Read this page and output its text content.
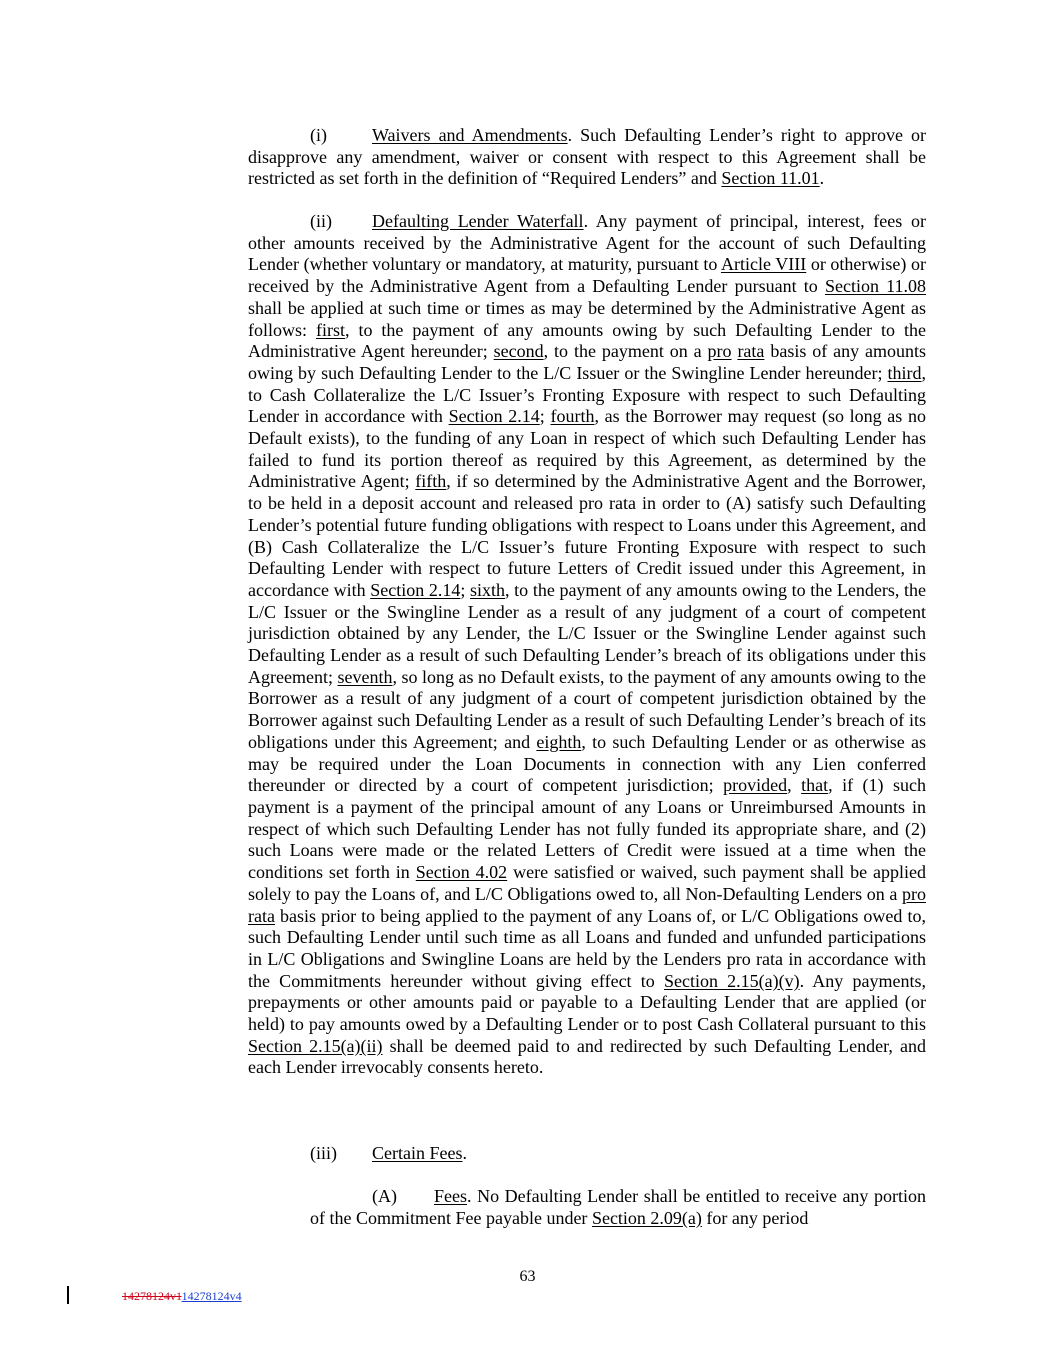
(i)	Waivers and Amendments. Such Defaulting Lender’s right to approve or disapprove any amendment, waiver or consent with respect to this Agreement shall be restricted as set forth in the definition of “Required Lenders” and Section 11.01.

(ii) Defaulting Lender Waterfall. Any payment of principal, interest, fees or other amounts received by the Administrative Agent for the account of such Defaulting Lender (whether voluntary or mandatory, at maturity, pursuant to Article VIII or otherwise) or received by the Administrative Agent from a Defaulting Lender pursuant to Section 11.08 shall be applied at such time or times as may be determined by the Administrative Agent as follows: first, to the payment of any amounts owing by such Defaulting Lender to the Administrative Agent hereunder; second, to the payment on a pro rata basis of any amounts owing by such Defaulting Lender to the L/C Issuer or the Swingline Lender hereunder; third, to Cash Collateralize the L/C Issuer’s Fronting Exposure with respect to such Defaulting Lender in accordance with Section 2.14; fourth, as the Borrower may request (so long as no Default exists), to the funding of any Loan in respect of which such Defaulting Lender has failed to fund its portion thereof as required by this Agreement, as determined by the Administrative Agent; fifth, if so determined by the Administrative Agent and the Borrower, to be held in a deposit account and released pro rata in order to (A) satisfy such Defaulting Lender’s potential future funding obligations with respect to Loans under this Agreement, and (B) Cash Collateralize the L/C Issuer’s future Fronting Exposure with respect to such Defaulting Lender with respect to future Letters of Credit issued under this Agreement, in accordance with Section 2.14; sixth, to the payment of any amounts owing to the Lenders, the L/C Issuer or the Swingline Lender as a result of any judgment of a court of competent jurisdiction obtained by any Lender, the L/C Issuer or the Swingline Lender against such Defaulting Lender as a result of such Defaulting Lender’s breach of its obligations under this Agreement; seventh, so long as no Default exists, to the payment of any amounts owing to the Borrower as a result of any judgment of a court of competent jurisdiction obtained by the Borrower against such Defaulting Lender as a result of such Defaulting Lender’s breach of its obligations under this Agreement; and eighth, to such Defaulting Lender or as otherwise as may be required under the Loan Documents in connection with any Lien conferred thereunder or directed by a court of competent jurisdiction; provided, that, if (1) such payment is a payment of the principal amount of any Loans or Unreimbursed Amounts in respect of which such Defaulting Lender has not fully funded its appropriate share, and (2) such Loans were made or the related Letters of Credit were issued at a time when the conditions set forth in Section 4.02 were satisfied or waived, such payment shall be applied solely to pay the Loans of, and L/C Obligations owed to, all Non-Defaulting Lenders on a pro rata basis prior to being applied to the payment of any Loans of, or L/C Obligations owed to, such Defaulting Lender until such time as all Loans and funded and unfunded participations in L/C Obligations and Swingline Loans are held by the Lenders pro rata in accordance with the Commitments hereunder without giving effect to Section 2.15(a)(v). Any payments, prepayments or other amounts paid or payable to a Defaulting Lender that are applied (or held) to pay amounts owed by a Defaulting Lender or to post Cash Collateral pursuant to this Section 2.15(a)(ii) shall be deemed paid to and redirected by such Defaulting Lender, and each Lender irrevocably consents hereto.

(iii) Certain Fees.

(A) Fees. No Defaulting Lender shall be entitled to receive any portion of the Commitment Fee payable under Section 2.09(a) for any period

63
14278124v114278124v4
